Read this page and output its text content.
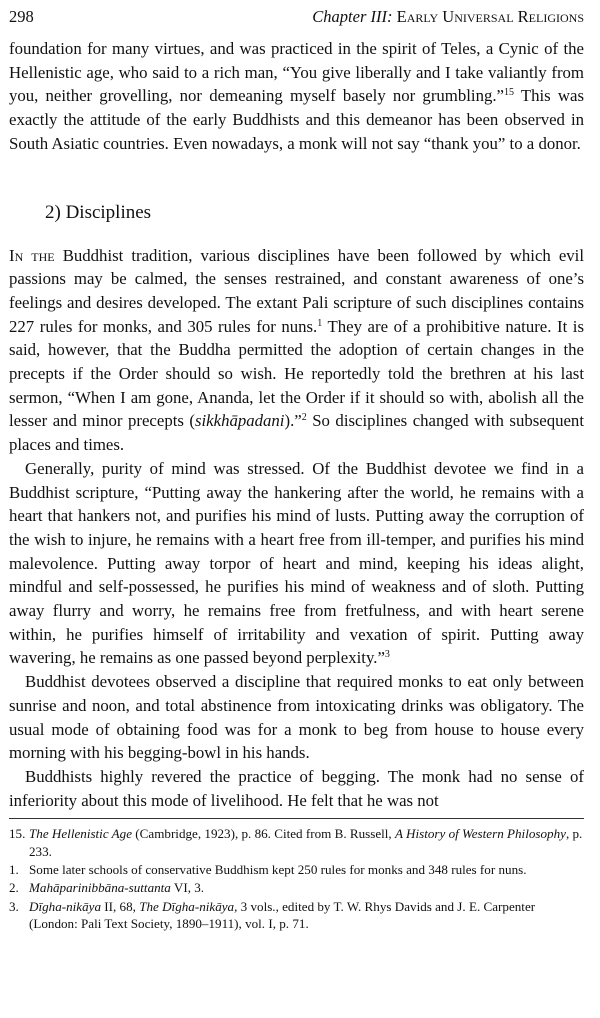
298	Chapter III: Early Universal Religions

foundation for many virtues, and was practiced in the spirit of Teles, a Cynic of the Hellenistic age, who said to a rich man, “You give liberally and I take valiantly from you, neither grovelling, nor demeaning myself basely nor grumbling.”$^{15}$ This was exactly the attitude of the early Buddhists and this demeanor has been observed in South Asiatic countries. Even nowadays, a monk will not say “thank you” to a donor.

2) Disciplines

In the Buddhist tradition, various disciplines have been followed by which evil passions may be calmed, the senses restrained, and constant awareness of one’s feelings and desires developed. The extant Pali scripture of such disciplines contains 227 rules for monks, and 305 rules for nuns.$^1$ They are of a prohibitive nature. It is said, however, that the Buddha permitted the adoption of certain changes in the precepts if the Order should so wish. He reportedly told the brethren at his last sermon, “When I am gone, Ananda, let the Order if it should so with, abolish all the lesser and minor precepts (sikkhāpadani).”$^2$ So disciplines changed with subsequent places and times.

Generally, purity of mind was stressed. Of the Buddhist devotee we find in a Buddhist scripture, “Putting away the hankering after the world, he remains with a heart that hankers not, and purifies his mind of lusts. Putting away the corruption of the wish to injure, he remains with a heart free from ill-temper, and purifies his mind malevolence. Putting away torpor of heart and mind, keeping his ideas alight, mindful and self-possessed, he purifies his mind of weakness and of sloth. Putting away flurry and worry, he remains free from fretfulness, and with heart serene within, he purifies himself of irritability and vexation of spirit. Putting away wavering, he remains as one passed beyond perplexity.”$^3$

Buddhist devotees observed a discipline that required monks to eat only between sunrise and noon, and total abstinence from intoxicating drinks was obligatory. The usual mode of obtaining food was for a monk to beg from house to house every morning with his begging-bowl in his hands.

Buddhists highly revered the practice of begging. The monk had no sense of inferiority about this mode of livelihood. He felt that he was not

15. The Hellenistic Age (Cambridge, 1923), p. 86. Cited from B. Russell, A History of Western Philosophy, p. 233.
1. Some later schools of conservative Buddhism kept 250 rules for monks and 348 rules for nuns.
2. Mahāparinibbāna-suttanta VI, 3.
3. Dīgha-nikāya II, 68, The Dīgha-nikāya, 3 vols., edited by T. W. Rhys Davids and J. E. Carpenter (London: Pali Text Society, 1890–1911), vol. I, p. 71.
